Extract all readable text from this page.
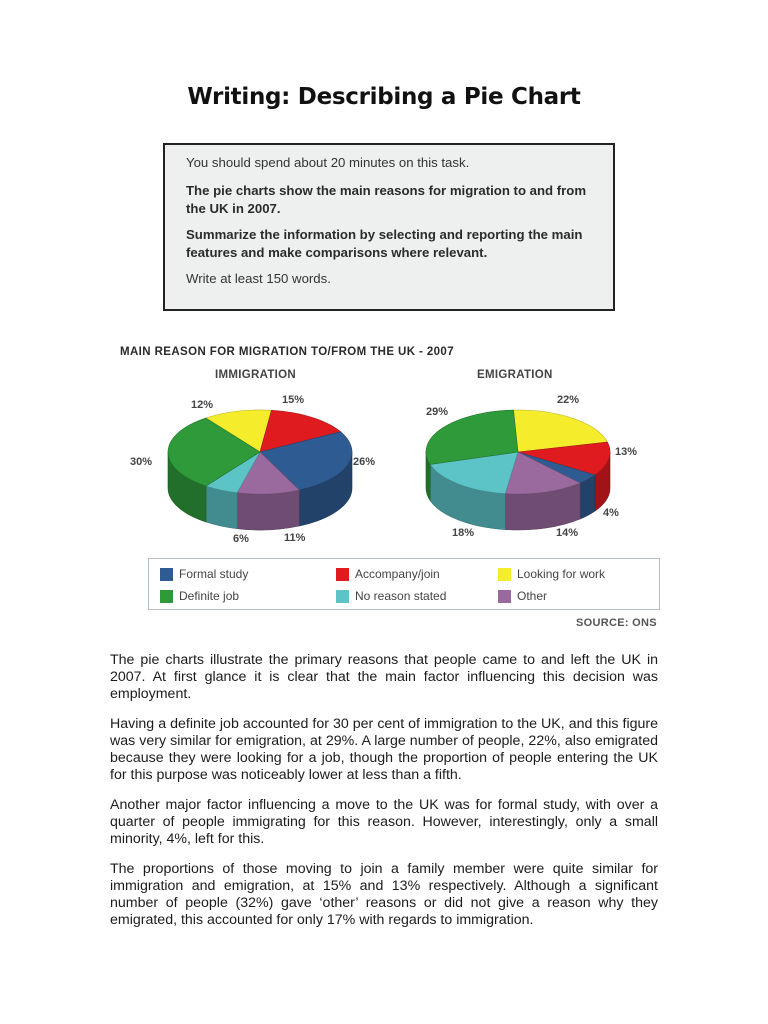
Writing: Describing a Pie Chart

You should spend about 20 minutes on this task.

The pie charts show the main reasons for migration to and from the UK in 2007.

Summarize the information by selecting and reporting the main features and make comparisons where relevant.

Write at least 150 words.

MAIN REASON FOR MIGRATION TO/FROM THE UK - 2007
IMMIGRATION	EMIGRATION
30%
12%	15%
26%
11%
6%
29%
22%
13%
4%
14%
18%
Formal study	Accompany/join	Looking for work
Definite job	No reason stated	Other
SOURCE: ONS

The pie charts illustrate the primary reasons that people came to and left the UK in 2007. At first glance it is clear that the main factor influencing this decision was employment.

Having a definite job accounted for 30 per cent of immigration to the UK, and this figure was very similar for emigration, at 29%. A large number of people, 22%, also emigrated because they were looking for a job, though the proportion of people entering the UK for this purpose was noticeably lower at less than a fifth.

Another major factor influencing a move to the UK was for formal study, with over a quarter of people immigrating for this reason. However, interestingly, only a small minority, 4%, left for this.

The proportions of those moving to join a family member were quite similar for immigration and emigration, at 15% and 13% respectively. Although a significant number of people (32%) gave ‘other’ reasons or did not give a reason why they emigrated, this accounted for only 17% with regards to immigration.
